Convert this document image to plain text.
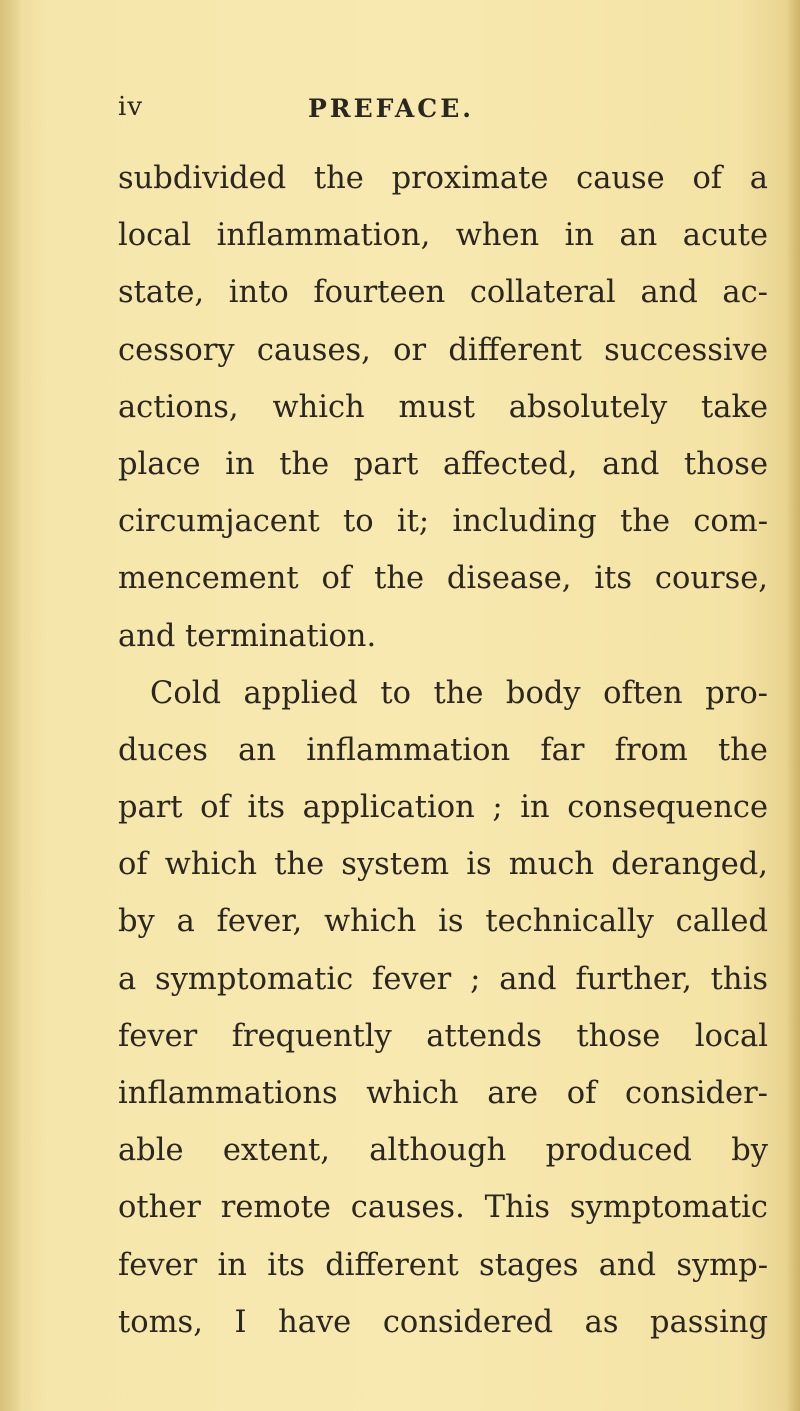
iv	PREFACE.
subdivided the proximate cause of a
local inflammation, when in an acute
state, into fourteen collateral and ac-
cessory causes, or different successive
actions, which must absolutely take
place in the part affected, and those
circumjacent to it; including the com-
mencement of the disease, its course,
and termination.
Cold applied to the body often pro-
duces an inflammation far from the
part of its application ; in consequence
of which the system is much deranged,
by a fever, which is technically called
a symptomatic fever ; and further, this
fever frequently attends those local
inflammations which are of consider-
able extent, although produced by
other remote causes. This symptomatic
fever in its different stages and symp-
toms, I have considered as passing
